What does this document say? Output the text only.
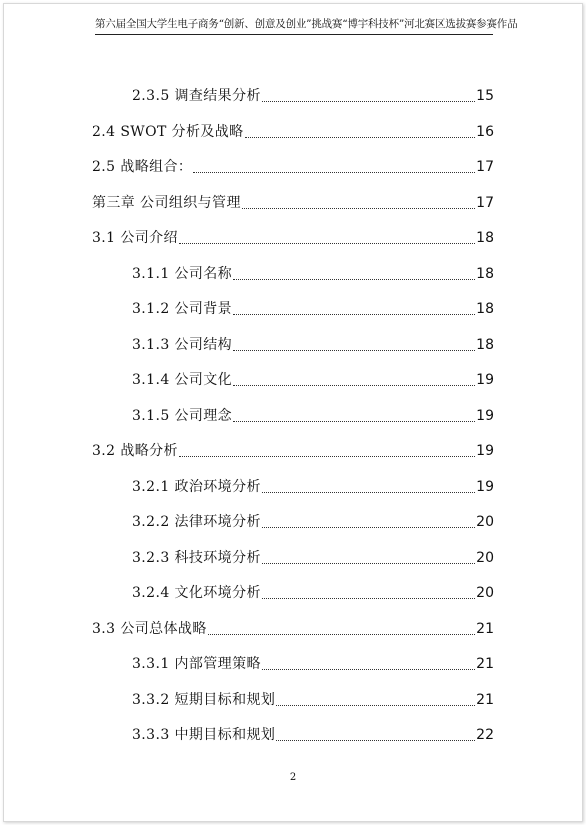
第六届全国大学生电子商务“创新、创意及创业”挑战赛“博宇科技杯”河北赛区选拔赛参赛作品
2.3.5 调查结果分析	15
2.4 SWOT 分析及战略	16
2.5 战略组合：	17
第三章 公司组织与管理	17
3.1 公司介绍	18
3.1.1 公司名称	18
3.1.2 公司背景	18
3.1.3 公司结构	18
3.1.4 公司文化	19
3.1.5 公司理念	19
3.2 战略分析	19
3.2.1 政治环境分析	19
3.2.2 法律环境分析	20
3.2.3 科技环境分析	20
3.2.4 文化环境分析	20
3.3 公司总体战略	21
3.3.1 内部管理策略	21
3.3.2 短期目标和规划	21
3.3.3 中期目标和规划	22
2
